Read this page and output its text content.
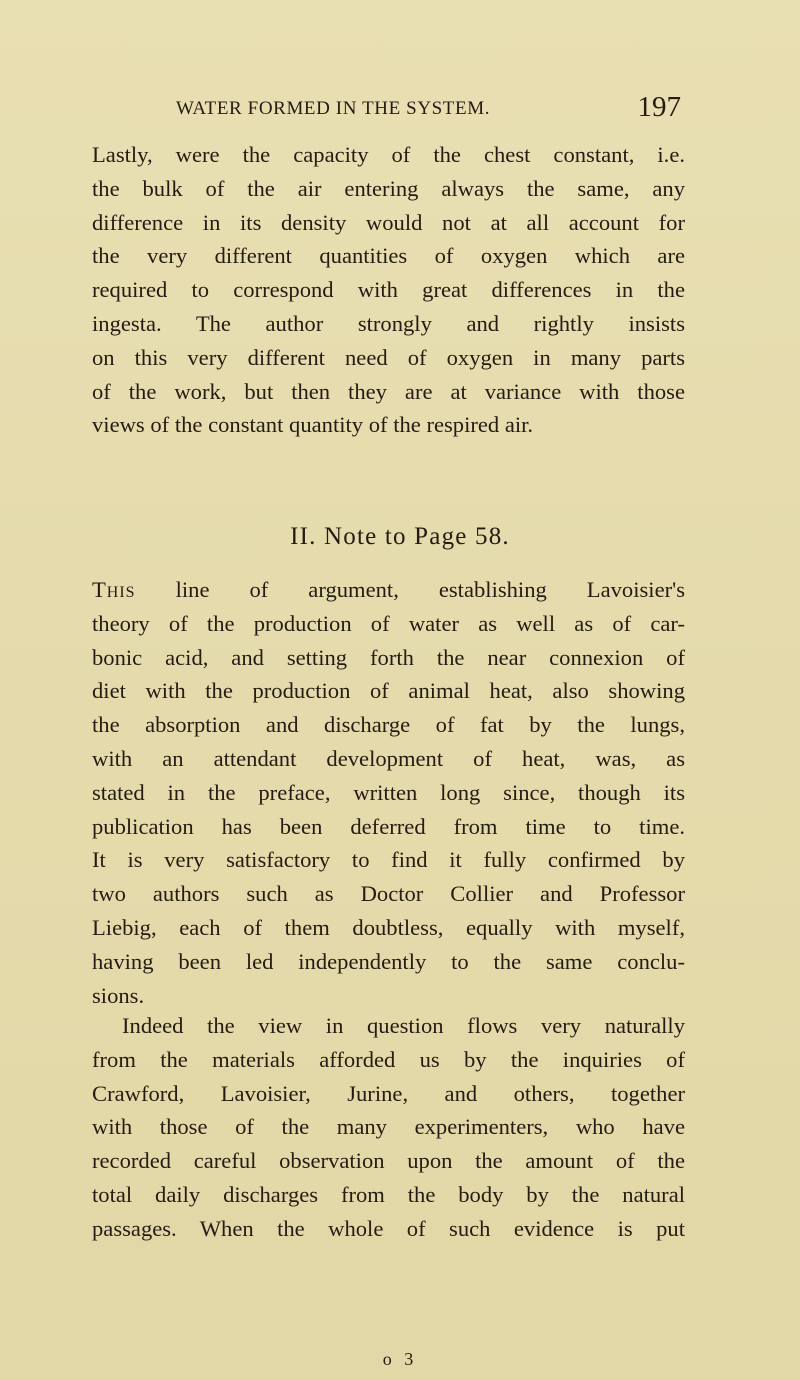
WATER FORMED IN THE SYSTEM.	197

Lastly, were the capacity of the chest constant, i.e.

the bulk of the air entering always the same, any

difference in its density would not at all account for

the very different quantities of oxygen which are

required to correspond with great differences in the

ingesta. The author strongly and rightly insists

on this very different need of oxygen in many parts

of the work, but then they are at variance with those

views of the constant quantity of the respired air.

II. Note to Page 58.

This line of argument, establishing Lavoisier's

theory of the production of water as well as of car-

bonic acid, and setting forth the near connexion of

diet with the production of animal heat, also showing

the absorption and discharge of fat by the lungs,

with an attendant development of heat, was, as

stated in the preface, written long since, though its

publication has been deferred from time to time.

It is very satisfactory to find it fully confirmed by

two authors such as Doctor Collier and Professor

Liebig, each of them doubtless, equally with myself,

having been led independently to the same conclu-

sions.

Indeed the view in question flows very naturally

from the materials afforded us by the inquiries of

Crawford, Lavoisier, Jurine, and others, together

with those of the many experimenters, who have

recorded careful observation upon the amount of the

total daily discharges from the body by the natural

passages. When the whole of such evidence is put

o 3
